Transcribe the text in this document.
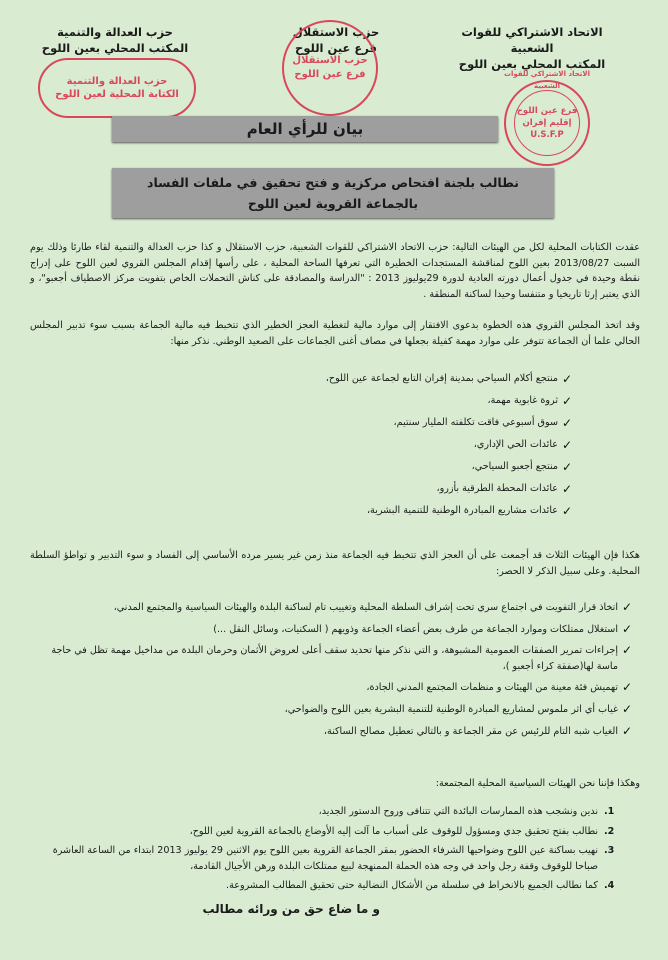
الاتحاد الاشتراكي للقوات الشعبية
المكتب المحلي بعين اللوح
حزب الاستقلال
فرع عين اللوح
حزب العدالة والتنمية
المكتب المحلي بعين اللوح
حزب العدالة والتنمية
الكتابة المحلية لعين اللوح
حزب الاستقلال
فرع عين اللوح
فرع عين اللوح
إقليم إفران
U.S.F.P
الاتحاد الاشتراكي للقوات الشعبية
بيان للرأي العام
نطالب بلجنة افتحاص مركزية و فتح تحقيق في ملفات الفساد
بالجماعة القروية لعين اللوح
عقدت الكتابات المحلية لكل من الهيئات التالية: حزب الاتحاد الاشتراكي للقوات الشعبية، حزب الاستقلال و كذا حزب العدالة والتنمية لقاء طارئا وذلك يوم السبت 2013/08/27 بعين اللوح لمناقشة المستجدات الخطيرة التي تعرفها الساحة المحلية ، على رأسها إقدام المجلس القروي لعين اللوح على إدراج نقطة وحيدة في جدول أعمال دورته العادية لدورة 29يوليوز 2013 : "الدراسة والمصادقة على كناش التحملات الخاص بتفويت مركز الاصطياف أجعبو"، و الذي يعتبر إرثا تاريخيا و متنفسا وحيدا لساكنة المنطقة .
وقد اتخذ المجلس القروي هذه الخطوة بدعوى الافتقار إلى موارد مالية لتغطية العجز الخطير الذي تتخبط فيه مالية الجماعة بسبب سوء تدبير المجلس الحالي علما أن الجماعة تتوفر على موارد مهمة كفيلة بجعلها في مصاف أغنى الجماعات على الصعيد الوطني. نذكر منها:
✓
منتجع أكلام السياحي بمدينة إفران التابع لجماعة عين اللوح،
✓
ثروة غابوية مهمة،
✓
سوق أسبوعي فاقت تكلفته المليار سنتيم،
✓
عائدات الحي الإداري،
✓
منتجع أجعبو السياحي،
✓
عائدات المحطة الطرقية بأزرو،
✓
عائدات مشاريع المبادرة الوطنية للتنمية البشرية،
هكذا فإن الهيئات الثلاث قد أجمعت على أن العجز الذي تتخبط فيه الجماعة منذ زمن غير يسير مرده الأساسي إلى الفساد و سوء التدبير و تواطؤ السلطة المحلية. وعلى سبيل الذكر لا الحصر:
✓
اتخاذ قرار التفويت في اجتماع سري تحت إشراف السلطة المحلية وتغييب تام لساكنة البلدة والهيئات السياسية والمجتمع المدني،
✓
استغلال ممتلكات وموارد الجماعة من طرف بعض أعضاء الجماعة وذويهم ( السكنيات، وسائل النقل ...)
✓
إجراءات تمرير الصفقات العمومية المشبوهة، و التي نذكر منها تحديد سقف أعلى لعروض الأثمان وحرمان البلدة من مداخيل مهمة تظل في حاجة ماسة لها(صفقة كراء أجعبو )،
✓
تهميش فئة معينة من الهيئات و منظمات المجتمع المدني الجادة،
✓
غياب أي اثر ملموس لمشاريع المبادرة الوطنية للتنمية البشرية بعين اللوح والضواحي،
✓
الغياب شبه التام للرئيس عن مقر الجماعة و بالتالي تعطيل مصالح الساكنة،
وهكذا فإننا نحن الهيئات السياسية المحلية المجتمعة:
1.
ندين ونشجب هذه الممارسات البائدة التي تتنافى وروح الدستور الجديد،
2.
نطالب بفتح تحقيق جدي ومسؤول للوقوف على أسباب ما آلت إليه الأوضاع بالجماعة القروية لعين اللوح،
3.
نهيب بساكنة عين اللوح وضواحيها الشرفاء الحضور بمقر الجماعة القروية بعين اللوح يوم الاثنين 29 يوليوز 2013 ابتداء من الساعة العاشرة صباحا للوقوف وقفة رجل واحد في وجه هذه الحملة الممنهجة لبيع ممتلكات البلدة ورهن الأجيال القادمة،
4.
كما نطالب الجميع بالانخراط في سلسلة من الأشكال النضالية حتى تحقيق المطالب المشروعة.
و ما ضاع حق من ورائه مطالب
